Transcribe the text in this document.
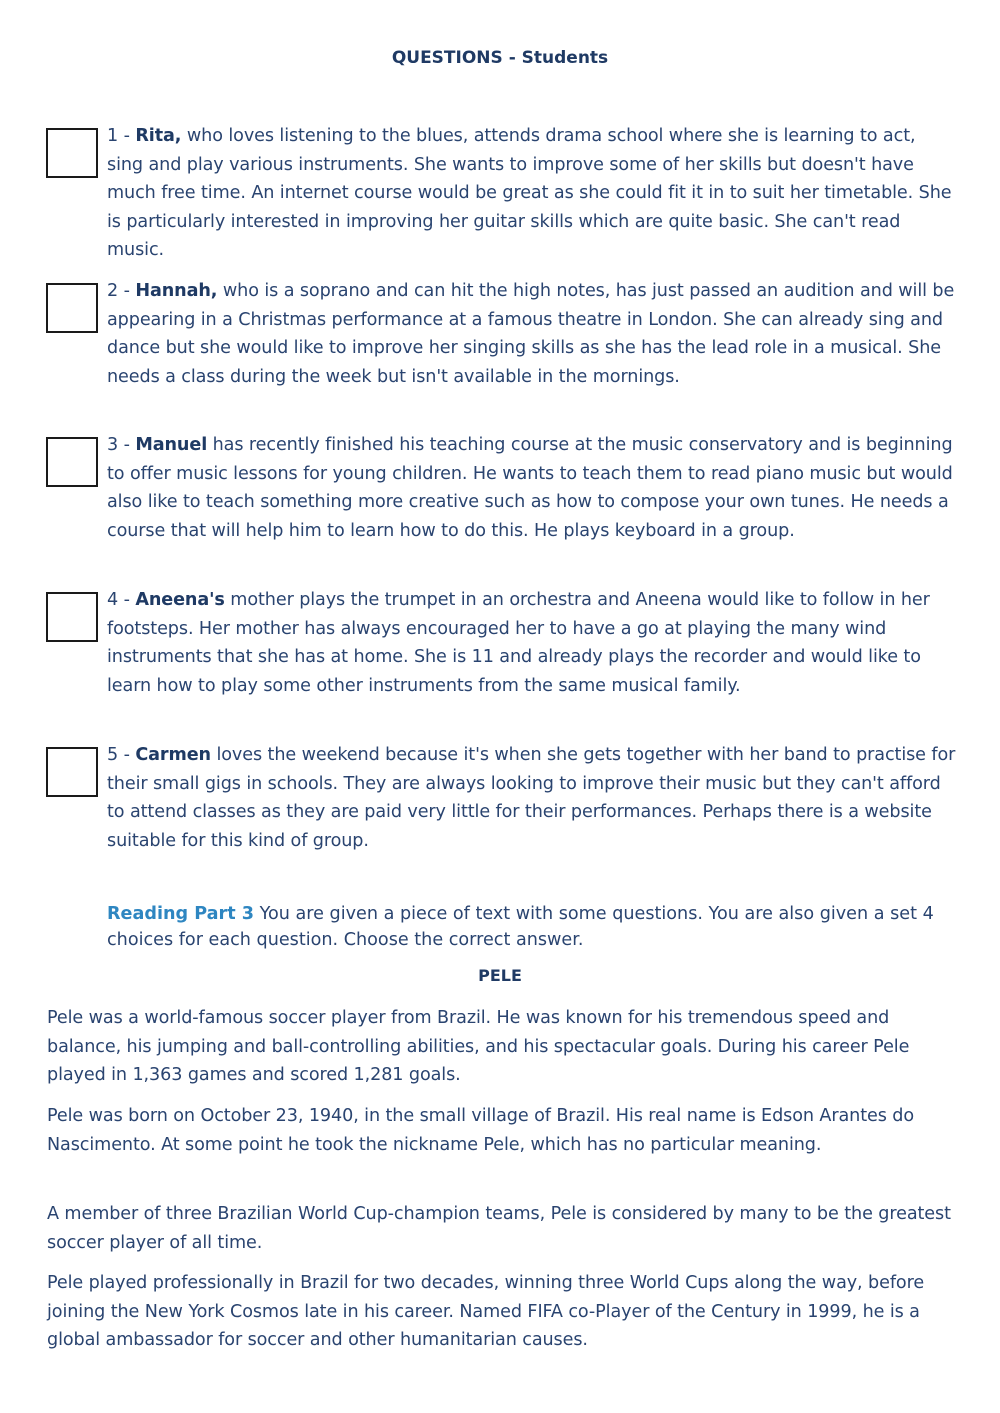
QUESTIONS - Students
1 - Rita, who loves listening to the blues, attends drama school where she is learning to act, sing and play various instruments. She wants to improve some of her skills but doesn't have much free time. An internet course would be great as she could fit it in to suit her timetable. She is particularly interested in improving her guitar skills which are quite basic. She can't read music.
2 - Hannah, who is a soprano and can hit the high notes, has just passed an audition and will be appearing in a Christmas performance at a famous theatre in London. She can already sing and dance but she would like to improve her singing skills as she has the lead role in a musical. She needs a class during the week but isn't available in the mornings.
3 - Manuel has recently finished his teaching course at the music conservatory and is beginning to offer music lessons for young children. He wants to teach them to read piano music but would also like to teach something more creative such as how to compose your own tunes. He needs a course that will help him to learn how to do this. He plays keyboard in a group.
4 - Aneena's mother plays the trumpet in an orchestra and Aneena would like to follow in her footsteps. Her mother has always encouraged her to have a go at playing the many wind instruments that she has at home. She is 11 and already plays the recorder and would like to learn how to play some other instruments from the same musical family.
5 - Carmen loves the weekend because it's when she gets together with her band to practise for their small gigs in schools. They are always looking to improve their music but they can't afford to attend classes as they are paid very little for their performances. Perhaps there is a website suitable for this kind of group.
Reading Part 3 You are given a piece of text with some questions. You are also given a set 4 choices for each question. Choose the correct answer.
PELE

Pele was a world-famous soccer player from Brazil. He was known for his tremendous speed and balance, his jumping and ball-controlling abilities, and his spectacular goals. During his career Pele played in 1,363 games and scored 1,281 goals.

Pele was born on October 23, 1940, in the small village of Brazil. His real name is Edson Arantes do Nascimento. At some point he took the nickname Pele, which has no particular meaning.

A member of three Brazilian World Cup-champion teams, Pele is considered by many to be the greatest soccer player of all time.

Pele played professionally in Brazil for two decades, winning three World Cups along the way, before joining the New York Cosmos late in his career. Named FIFA co-Player of the Century in 1999, he is a global ambassador for soccer and other humanitarian causes.
